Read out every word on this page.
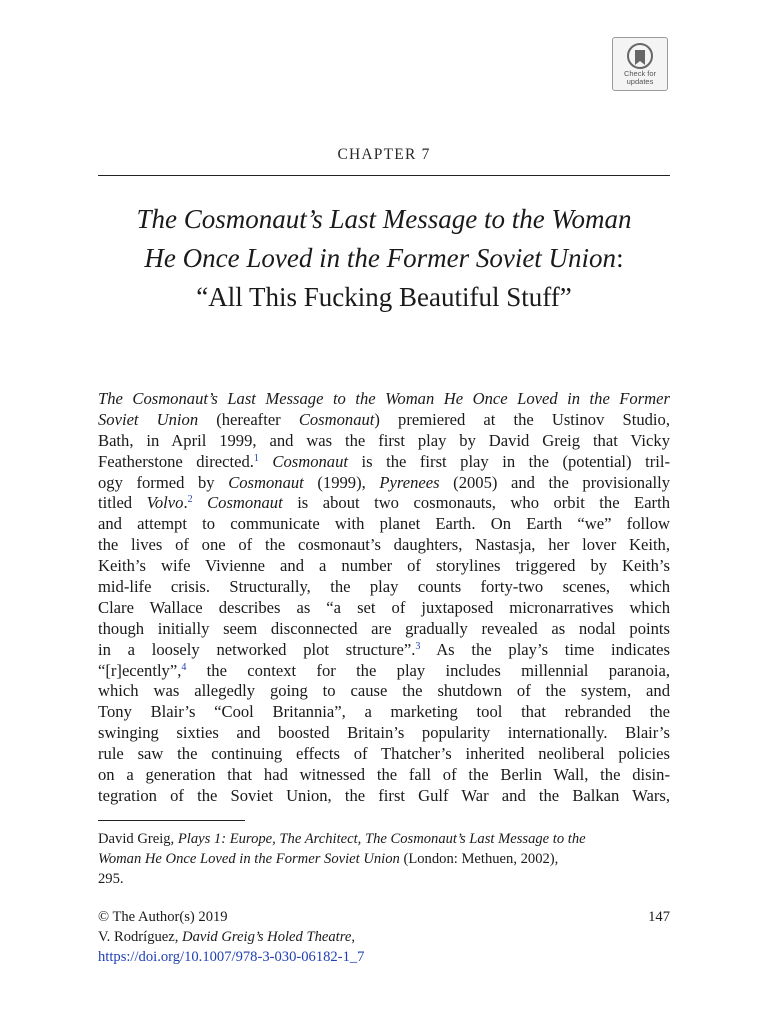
Check for
updates
CHAPTER 7
The Cosmonaut’s Last Message to the Woman
He Once Loved in the Former Soviet Union:
“All This Fucking Beautiful Stuff”
The Cosmonaut’s Last Message to the Woman He Once Loved in the Former
Soviet Union (hereafter Cosmonaut) premiered at the Ustinov Studio,
Bath, in April 1999, and was the first play by David Greig that Vicky
Featherstone directed.$^1$ Cosmonaut is the first play in the (potential) tril-
ogy formed by Cosmonaut (1999), Pyrenees (2005) and the provisionally
titled Volvo.$^2$ Cosmonaut is about two cosmonauts, who orbit the Earth
and attempt to communicate with planet Earth. On Earth “we” follow
the lives of one of the cosmonaut’s daughters, Nastasja, her lover Keith,
Keith’s wife Vivienne and a number of storylines triggered by Keith’s
mid-life crisis. Structurally, the play counts forty-two scenes, which
Clare Wallace describes as “a set of juxtaposed micronarratives which
though initially seem disconnected are gradually revealed as nodal points
in a loosely networked plot structure”.$^3$ As the play’s time indicates
“[r]ecently”,$^4$ the context for the play includes millennial paranoia,
which was allegedly going to cause the shutdown of the system, and
Tony Blair’s “Cool Britannia”, a marketing tool that rebranded the
swinging sixties and boosted Britain’s popularity internationally. Blair’s
rule saw the continuing effects of Thatcher’s inherited neoliberal policies
on a generation that had witnessed the fall of the Berlin Wall, the disin-
tegration of the Soviet Union, the first Gulf War and the Balkan Wars,
David Greig, Plays 1: Europe, The Architect, The Cosmonaut’s Last Message to the
Woman He Once Loved in the Former Soviet Union (London: Methuen, 2002),
295.
© The Author(s) 2019	147
V. Rodríguez, David Greig’s Holed Theatre,
https://doi.org/10.1007/978-3-030-06182-1_7
